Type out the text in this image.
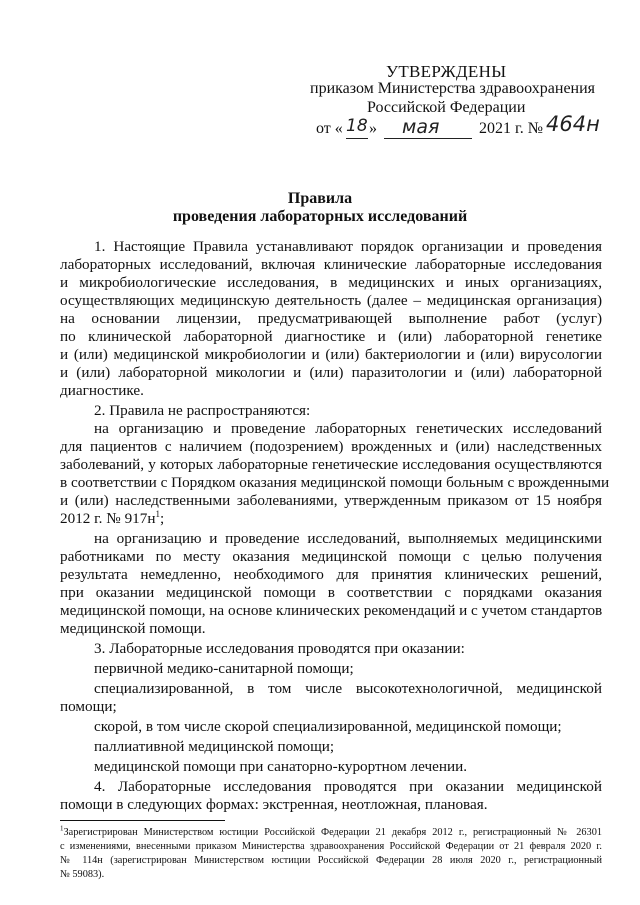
УТВЕРЖДЕНЫ
приказом Министерства здравоохранения
Российской Федерации
от « 18 » мая 2021 г. № 464н
Правила
проведения лабораторных исследований
1. Настоящие Правила устанавливают порядок организации и проведения
лабораторных исследований, включая клинические лабораторные исследования
и микробиологические исследования, в медицинских и иных организациях,
осуществляющих медицинскую деятельность (далее – медицинская организация)
на основании лицензии, предусматривающей выполнение работ (услуг)
по клинической лабораторной диагностике и (или) лабораторной генетике
и (или) медицинской микробиологии и (или) бактериологии и (или) вирусологии
и (или) лабораторной микологии и (или) паразитологии и (или) лабораторной
диагностике.
2. Правила не распространяются:
на организацию и проведение лабораторных генетических исследований
для пациентов с наличием (подозрением) врожденных и (или) наследственных
заболеваний, у которых лабораторные генетические исследования осуществляются
в соответствии с Порядком оказания медицинской помощи больным с врожденными
и (или) наследственными заболеваниями, утвержденным приказом от 15 ноября
2012 г. № $917н^1$;
на организацию и проведение исследований, выполняемых медицинскими
работниками по месту оказания медицинской помощи с целью получения
результата немедленно, необходимого для принятия клинических решений,
при оказании медицинской помощи в соответствии с порядками оказания
медицинской помощи, на основе клинических рекомендаций и с учетом стандартов
медицинской помощи.
3. Лабораторные исследования проводятся при оказании:
первичной медико-санитарной помощи;
специализированной, в том числе высокотехнологичной, медицинской
помощи;
скорой, в том числе скорой специализированной, медицинской помощи;
паллиативной медицинской помощи;
медицинской помощи при санаторно-курортном лечении.
4. Лабораторные исследования проводятся при оказании медицинской
помощи в следующих формах: экстренная, неотложная, плановая.
$^1$Зарегистрирован Министерством юстиции Российской Федерации 21 декабря 2012 г., регистрационный № 26301
с изменениями, внесенными приказом Министерства здравоохранения Российской Федерации от 21 февраля 2020 г.
№ 114н (зарегистрирован Министерством юстиции Российской Федерации 28 июля 2020 г., регистрационный
№ 59083).
